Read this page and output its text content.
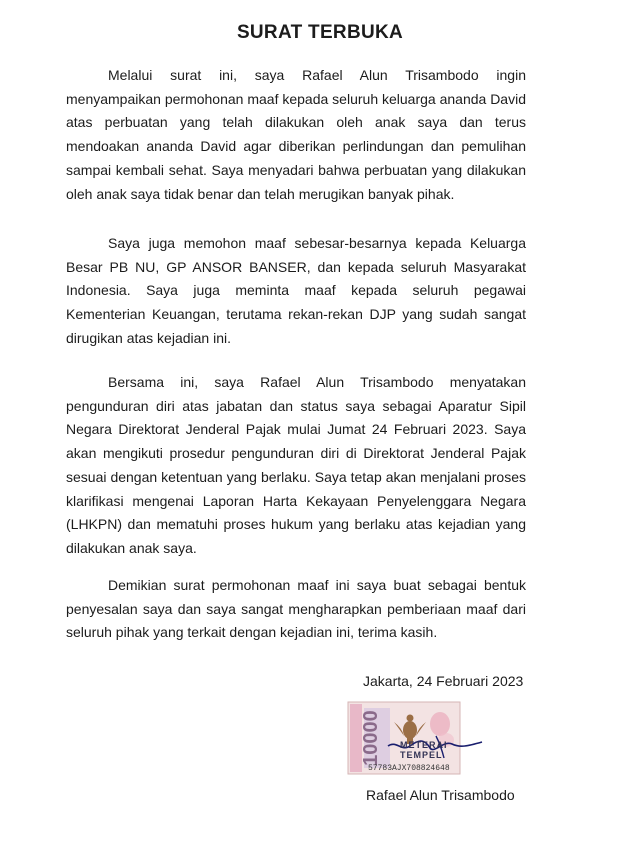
SURAT TERBUKA

Melalui surat ini, saya Rafael Alun Trisambodo ingin menyampaikan permohonan maaf kepada seluruh keluarga ananda David atas perbuatan yang telah dilakukan oleh anak saya dan terus mendoakan ananda David agar diberikan perlindungan dan pemulihan sampai kembali sehat. Saya menyadari bahwa perbuatan yang dilakukan oleh anak saya tidak benar dan telah merugikan banyak pihak.

Saya juga memohon maaf sebesar-besarnya kepada Keluarga Besar PB NU, GP ANSOR BANSER, dan kepada seluruh Masyarakat Indonesia. Saya juga meminta maaf kepada seluruh pegawai Kementerian Keuangan, terutama rekan-rekan DJP yang sudah sangat dirugikan atas kejadian ini.

Bersama ini, saya Rafael Alun Trisambodo menyatakan pengunduran diri atas jabatan dan status saya sebagai Aparatur Sipil Negara Direktorat Jenderal Pajak mulai Jumat 24 Februari 2023. Saya akan mengikuti prosedur pengunduran diri di Direktorat Jenderal Pajak sesuai dengan ketentuan yang berlaku. Saya tetap akan menjalani proses klarifikasi mengenai Laporan Harta Kekayaan Penyelenggara Negara (LHKPN) dan mematuhi proses hukum yang berlaku atas kejadian yang dilakukan anak saya.

Demikian surat permohonan maaf ini saya buat sebagai bentuk penyesalan saya dan saya sangat mengharapkan pemberiaan maaf dari seluruh pihak yang terkait dengan kejadian ini, terima kasih.

Jakarta, 24 Februari 2023
10000 METERAI
TEMPEL
57783AJX708824648
Rafael Alun Trisambodo
